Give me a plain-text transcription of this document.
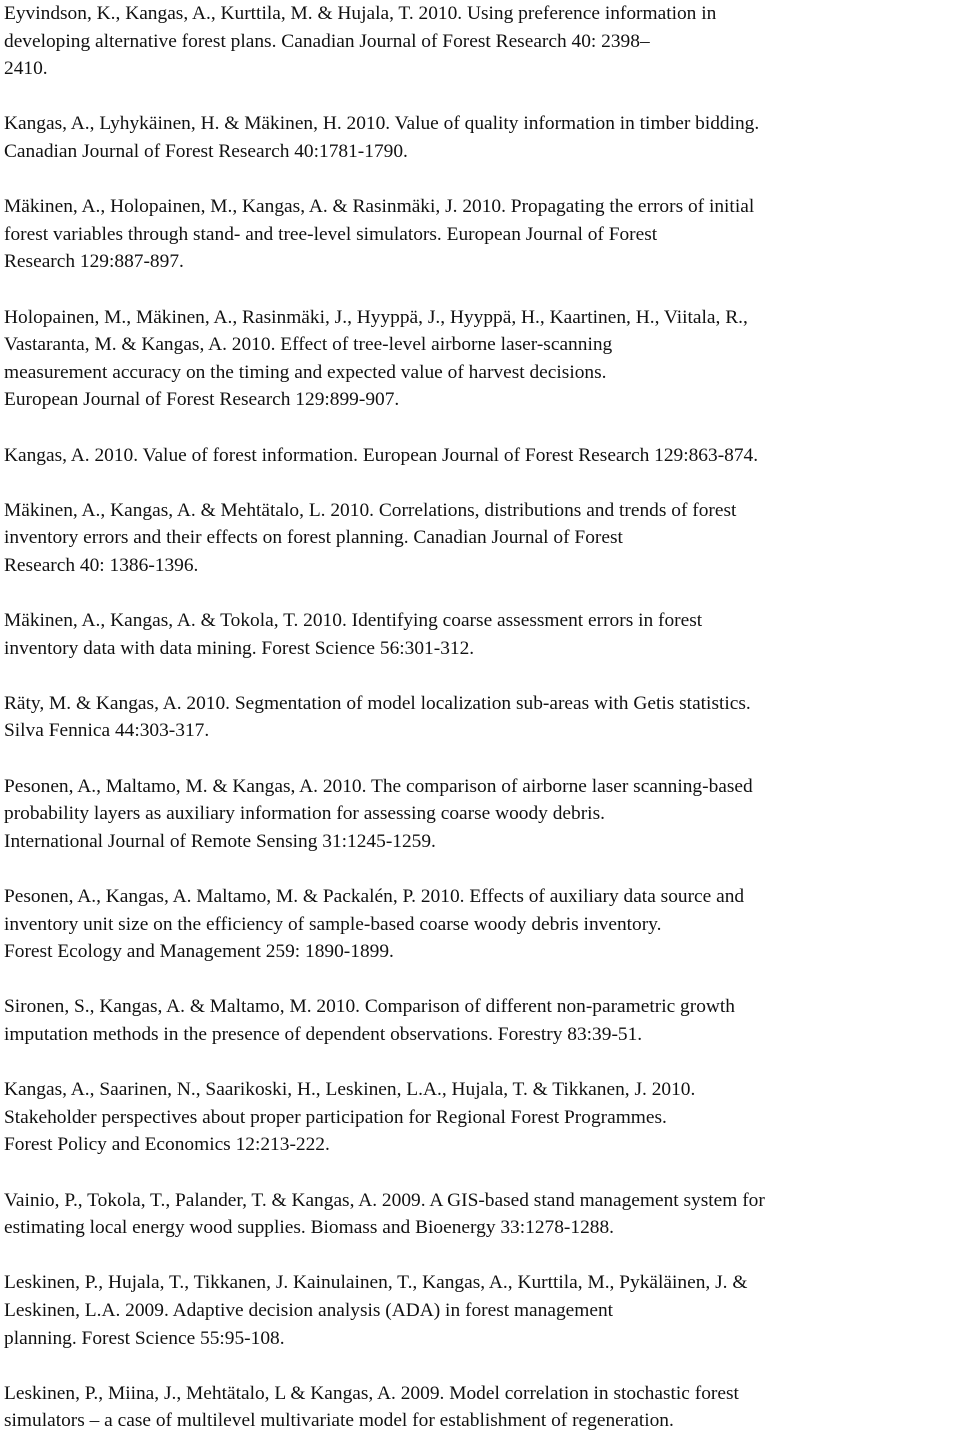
Eyvindson, K., Kangas, A., Kurttila, M. & Hujala, T. 2010. Using preference information in
developing alternative forest plans. Canadian Journal of Forest Research 40: 2398–
2410.
Kangas, A., Lyhykäinen, H. & Mäkinen, H. 2010. Value of quality information in timber bidding.
Canadian Journal of Forest Research 40:1781-1790.
Mäkinen, A., Holopainen, M., Kangas, A. & Rasinmäki, J. 2010. Propagating the errors of initial
forest variables through stand- and tree-level simulators. European Journal of Forest
Research 129:887-897.
Holopainen, M., Mäkinen, A., Rasinmäki, J., Hyyppä, J., Hyyppä, H., Kaartinen, H., Viitala, R.,
Vastaranta, M. & Kangas, A. 2010. Effect of tree-level airborne laser-scanning
measurement accuracy on the timing and expected value of harvest decisions.
European Journal of Forest Research 129:899-907.
Kangas, A. 2010. Value of forest information. European Journal of Forest Research 129:863-874.
Mäkinen, A., Kangas, A. & Mehtätalo, L. 2010. Correlations, distributions and trends of forest
inventory errors and their effects on forest planning. Canadian Journal of Forest
Research 40: 1386-1396.
Mäkinen, A., Kangas, A. & Tokola, T. 2010. Identifying coarse assessment errors in forest
inventory data with data mining. Forest Science 56:301-312.
Räty, M. & Kangas, A. 2010. Segmentation of model localization sub-areas with Getis statistics.
Silva Fennica 44:303-317.
Pesonen, A., Maltamo, M. & Kangas, A. 2010. The comparison of airborne laser scanning-based
probability layers as auxiliary information for assessing coarse woody debris.
International Journal of Remote Sensing 31:1245-1259.
Pesonen, A., Kangas, A. Maltamo, M. & Packalén, P. 2010. Effects of auxiliary data source and
inventory unit size on the efficiency of sample-based coarse woody debris inventory.
Forest Ecology and Management 259: 1890-1899.
Sironen, S., Kangas, A. & Maltamo, M. 2010. Comparison of different non-parametric growth
imputation methods in the presence of dependent observations. Forestry 83:39-51.
Kangas, A., Saarinen, N., Saarikoski, H., Leskinen, L.A., Hujala, T. & Tikkanen, J. 2010.
Stakeholder perspectives about proper participation for Regional Forest Programmes.
Forest Policy and Economics 12:213-222.
Vainio, P., Tokola, T., Palander, T. & Kangas, A. 2009. A GIS-based stand management system for
estimating local energy wood supplies. Biomass and Bioenergy 33:1278-1288.
Leskinen, P., Hujala, T., Tikkanen, J. Kainulainen, T., Kangas, A., Kurttila, M., Pykäläinen, J. &
Leskinen, L.A. 2009. Adaptive decision analysis (ADA) in forest management
planning. Forest Science 55:95-108.
Leskinen, P., Miina, J., Mehtätalo, L & Kangas, A. 2009. Model correlation in stochastic forest
simulators – a case of multilevel multivariate model for establishment of regeneration.
